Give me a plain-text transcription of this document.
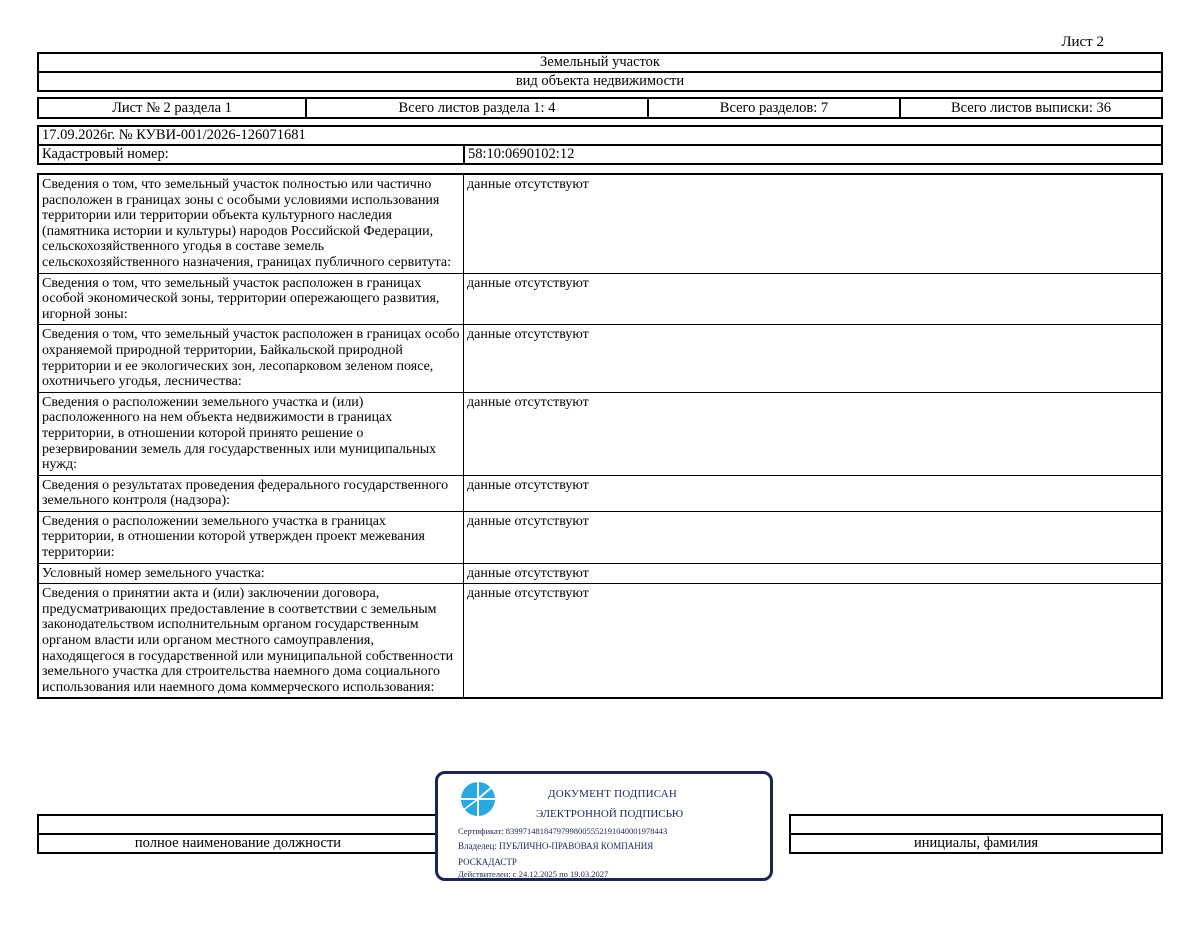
Лист 2
Земельный участок
вид объекта недвижимости
Лист № 2 раздела 1	Всего листов раздела 1: 4	Всего разделов: 7	Всего листов выписки: 36
17.09.2026г. № КУВИ-001/2026-126071681
Кадастровый номер:	58:10:0690102:12
Сведения о том, что земельный участок полностью или частично расположен в границах зоны с особыми условиями использования территории или территории объекта культурного наследия (памятника истории и культуры) народов Российской Федерации, сельскохозяйственного угодья в составе земель сельскохозяйственного назначения, границах публичного сервитута:	данные отсутствуют
Сведения о том, что земельный участок расположен в границах особой экономической зоны, территории опережающего развития, игорной зоны:	данные отсутствуют
Сведения о том, что земельный участок расположен в границах особо охраняемой природной территории, Байкальской природной территории и ее экологических зон, лесопарковом зеленом поясе, охотничьего угодья, лесничества:	данные отсутствуют
Сведения о расположении земельного участка и (или) расположенного на нем объекта недвижимости в границах территории, в отношении которой принято решение о резервировании земель для государственных или муниципальных нужд:	данные отсутствуют
Сведения о результатах проведения федерального государственного земельного контроля (надзора):	данные отсутствуют
Сведения о расположении земельного участка в границах территории, в отношении которой утвержден проект межевания территории:	данные отсутствуют
Условный номер земельного участка:	данные отсутствуют
Сведения о принятии акта и (или) заключении договора, предусматривающих предоставление в соответствии с земельным законодательством исполнительным органом государственным органом власти или органом местного самоуправления, находящегося в государственной или муниципальной собственности земельного участка для строительства наемного дома социального использования или наемного дома коммерческого использования:	данные отсутствуют

полное наименование должности		инициалы, фамилия
ДОКУМЕНТ ПОДПИСАН
ЭЛЕКТРОННОЙ ПОДПИСЬЮ
Сертификат: 8399714818479799800555219104000197844З
Владелец: ПУБЛИЧНО-ПРАВОВАЯ КОМПАНИЯ
РОСКАДАСТР
Действителен: с 24.12.2025 по 19.03.2027
